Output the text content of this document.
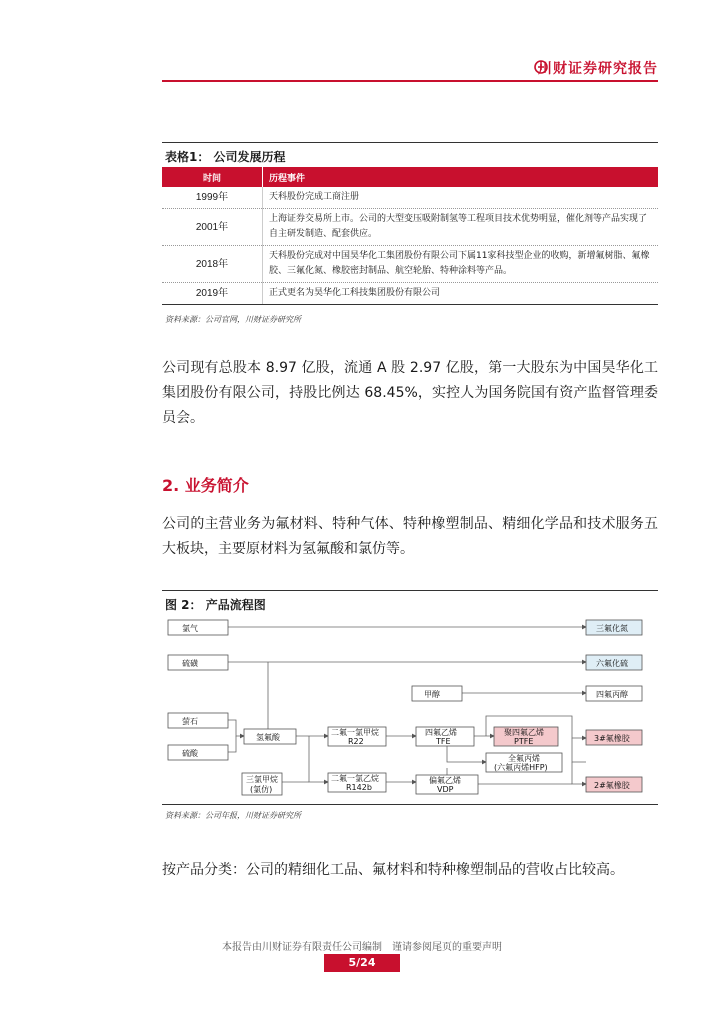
川财证券研究报告
表格1： 公司发展历程
时间	历程事件
1999年	天科股份完成工商注册
2001年	上海证券交易所上市。公司的大型变压吸附制氢等工程项目技术优势明显，催化剂等产品实现了自主研发制造、配套供应。
2018年	天科股份完成对中国昊华化工集团股份有限公司下属11家科技型企业的收购，新增氟树脂、氟橡胶、三氟化氮、橡胶密封制品、航空轮胎、特种涂料等产品。
2019年	正式更名为昊华化工科技集团股份有限公司
资料来源：公司官网，川财证券研究所
公司现有总股本 8.97 亿股，流通 A 股 2.97 亿股，第一大股东为中国昊华化工集团股份有限公司，持股比例达 68.45%，实控人为国务院国有资产监督管理委员会。
2. 业务简介
公司的主营业务为氟材料、特种气体、特种橡塑制品、精细化学品和技术服务五大板块，主要原材料为氢氟酸和氯仿等。
图 2： 产品流程图
氯气
硫磺
萤石
硫酸
氢氟酸
三氯甲烷
(氯仿)
二氟一氯甲烷
R22
二氟一氯乙烷
R142b
甲醇
四氟乙烯
TFE
聚四氟乙烯
PTFE
全氟丙烯
(六氟丙烯HFP)
偏氟乙烯
VDP
三氟化氮
六氟化硫
四氟丙醇
3#氟橡胶
2#氟橡胶
资料来源：公司年报，川财证券研究所
按产品分类：公司的精细化工品、氟材料和特种橡塑制品的营收占比较高。
本报告由川财证券有限责任公司编制　谨请参阅尾页的重要声明
5/24
